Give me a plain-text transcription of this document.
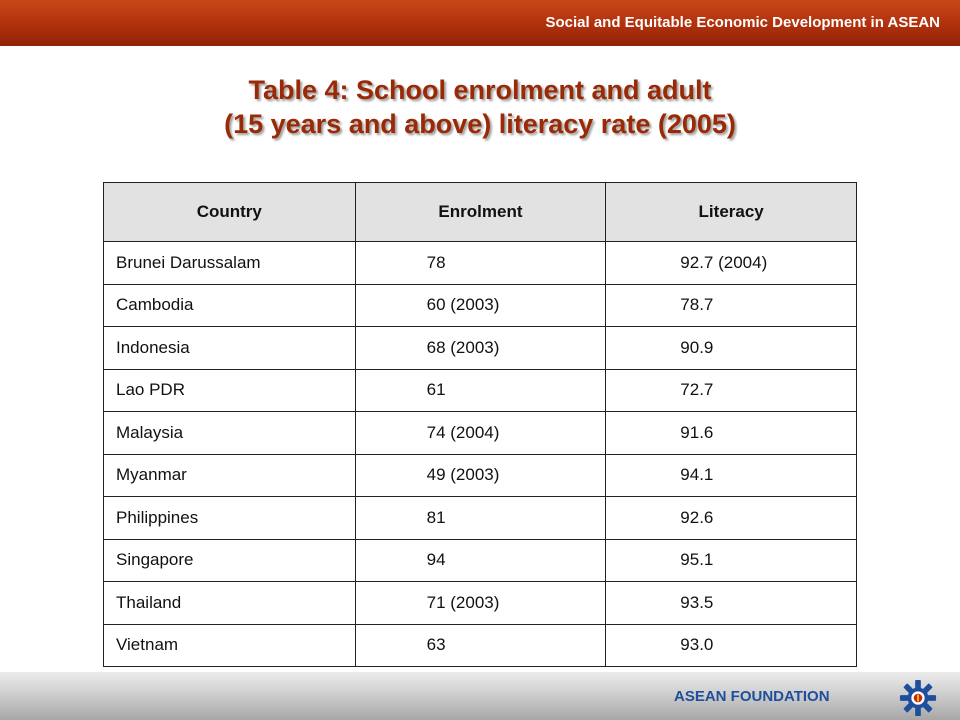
Social and Equitable Economic Development in ASEAN
Table 4: School enrolment and adult
(15 years and above) literacy rate (2005)
Country	Enrolment	Literacy
Brunei Darussalam	78	92.7 (2004)
Cambodia	60 (2003)	78.7
Indonesia	68 (2003)	90.9
Lao PDR	61	72.7
Malaysia	74 (2004)	91.6
Myanmar	49 (2003)	94.1
Philippines	81	92.6
Singapore	94	95.1
Thailand	71 (2003)	93.5
Vietnam	63	93.0
ASEAN FOUNDATION
